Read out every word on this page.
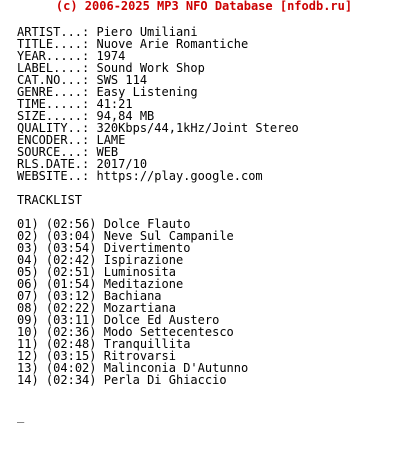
(c) 2006-2025 MP3 NFO Database [nfodb.ru]
ARTIST...: Piero Umiliani
TITLE....: Nuove Arie Romantiche
YEAR.....: 1974
LABEL....: Sound Work Shop
CAT.NO...: SWS 114
GENRE....: Easy Listening
TIME.....: 41:21
SIZE.....: 94,84 MB
QUALITY..: 320Kbps/44,1kHz/Joint Stereo
ENCODER..: LAME
SOURCE...: WEB
RLS.DATE.: 2017/10
WEBSITE..: https://play.google.com
TRACKLIST
01) (02:56) Dolce Flauto
02) (03:04) Neve Sul Campanile
03) (03:54) Divertimento
04) (02:42) Ispirazione
05) (02:51) Luminosita
06) (01:54) Meditazione
07) (03:12) Bachiana
08) (02:22) Mozartiana
09) (03:11) Dolce Ed Austero
10) (02:36) Modo Settecentesco
11) (02:48) Tranquillita
12) (03:15) Ritrovarsi
13) (04:02) Malinconia D'Autunno
14) (02:34) Perla Di Ghiaccio
_
